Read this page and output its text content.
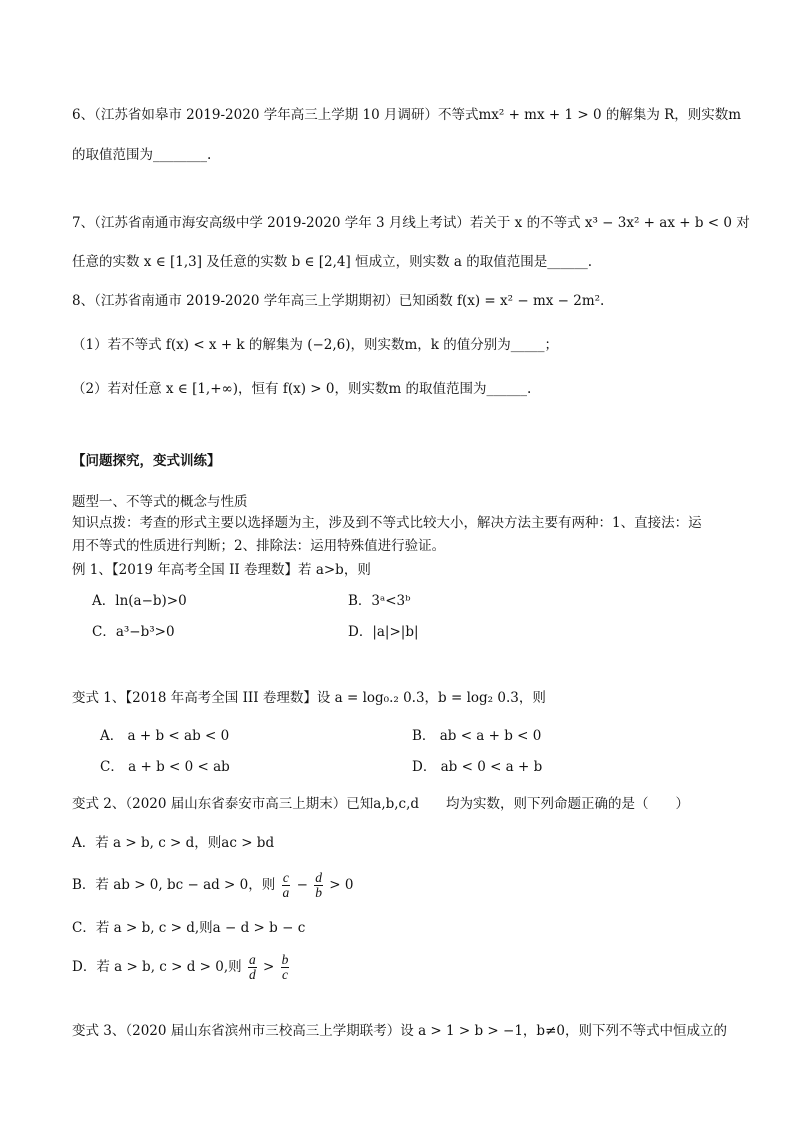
6、（江苏省如皋市 2019-2020 学年高三上学期 10 月调研）不等式mx² + mx + 1 > 0 的解集为 R，则实数m
的取值范围为________.
7、（江苏省南通市海安高级中学 2019-2020 学年 3 月线上考试）若关于 x 的不等式 x³ − 3x² + ax + b < 0 对
任意的实数 x ∈ [1,3] 及任意的实数 b ∈ [2,4] 恒成立，则实数 a 的取值范围是______.
8、（江苏省南通市 2019-2020 学年高三上学期期初）已知函数 f(x) = x² − mx − 2m².
（1）若不等式 f(x) < x + k 的解集为 (−2,6)，则实数m，k 的值分别为_____；
（2）若对任意 x ∈ [1,+∞)，恒有 f(x) > 0，则实数m 的取值范围为______.
【问题探究，变式训练】
题型一、不等式的概念与性质
知识点拨：考查的形式主要以选择题为主，涉及到不等式比较大小，解决方法主要有两种：1、直接法：运
用不等式的性质进行判断；2、排除法：运用特殊值进行验证。
例 1、【2019 年高考全国 II 卷理数】若 a>b，则
A．ln(a−b)>0	B．3ᵃ<3ᵇ
C．a³−b³>0	D．|a|>|b|
变式 1、【2018 年高考全国 III 卷理数】设 a = log₀.₂ 0.3，b = log₂ 0.3，则
A． a + b < ab < 0	B． ab < a + b < 0
C． a + b < 0 < ab	D． ab < 0 < a + b
变式 2、（2020 届山东省泰安市高三上期末）已知a,b,c,d　　均为实数，则下列命题正确的是（　　）
A．若 a > b, c > d，则ac > bd
B．若 ab > 0, bc − ad > 0，则 $\frac{c}{a} - \frac{d}{b} > 0$
C．若 a > b, c > d,则a − d > b − c
D．若 a > b, c > d > 0,则 $\frac{a}{d} > \frac{b}{c}$
变式 3、（2020 届山东省滨州市三校高三上学期联考）设 a > 1 > b > −1，b≠0，则下列不等式中恒成立的
